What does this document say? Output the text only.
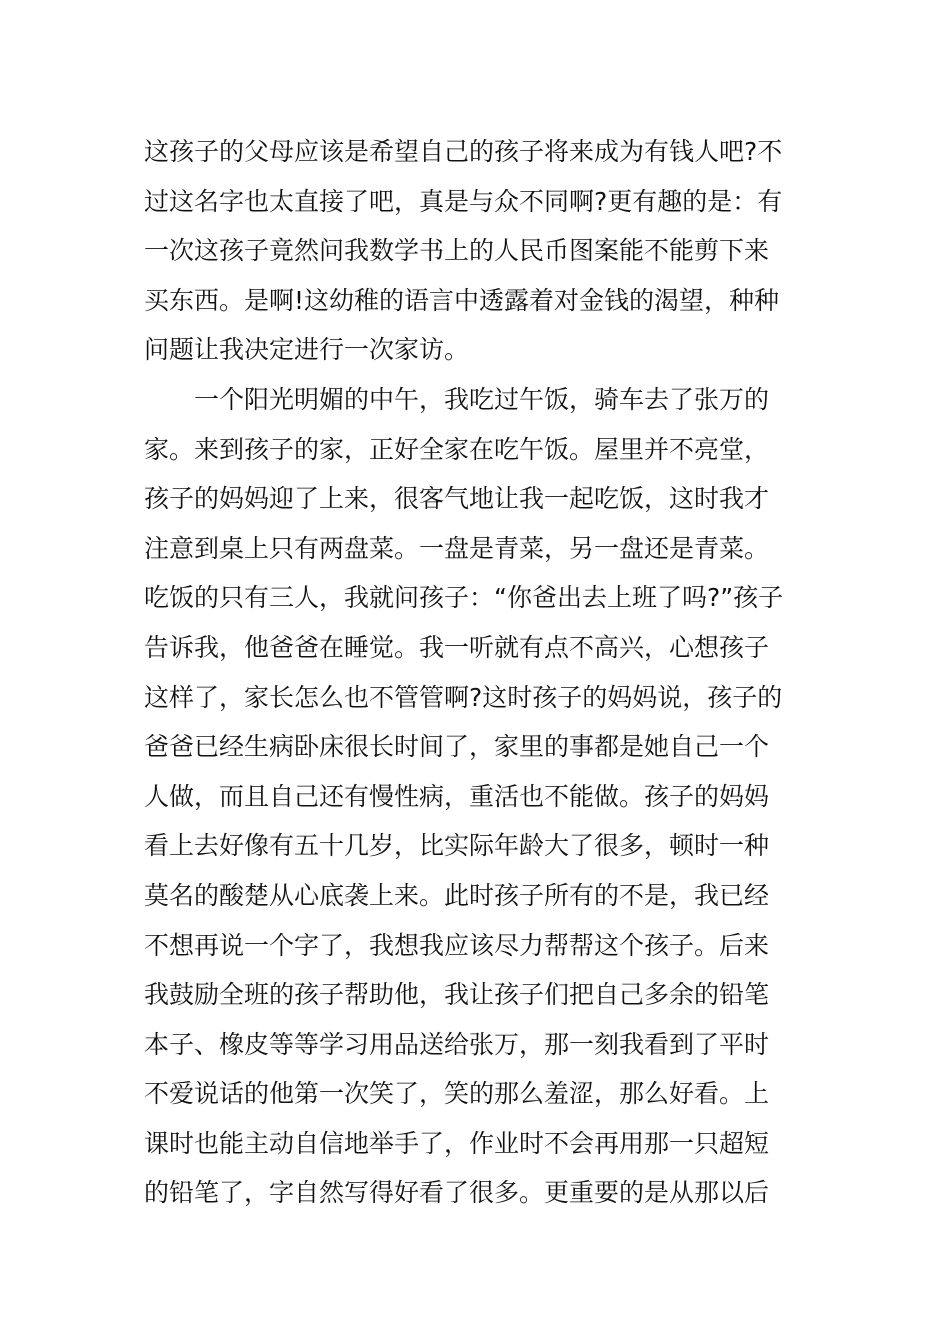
这孩子的父母应该是希望自己的孩子将来成为有钱人吧?不
过这名字也太直接了吧，真是与众不同啊?更有趣的是：有
一次这孩子竟然问我数学书上的人民币图案能不能剪下来
买东西。是啊!这幼稚的语言中透露着对金钱的渴望，种种
问题让我决定进行一次家访。
一个阳光明媚的中午，我吃过午饭，骑车去了张万的
家。来到孩子的家，正好全家在吃午饭。屋里并不亮堂，
孩子的妈妈迎了上来，很客气地让我一起吃饭，这时我才
注意到桌上只有两盘菜。一盘是青菜，另一盘还是青菜。
吃饭的只有三人，我就问孩子：“你爸出去上班了吗?”孩子
告诉我，他爸爸在睡觉。我一听就有点不高兴，心想孩子
这样了，家长怎么也不管管啊?这时孩子的妈妈说，孩子的
爸爸已经生病卧床很长时间了，家里的事都是她自己一个
人做，而且自己还有慢性病，重活也不能做。孩子的妈妈
看上去好像有五十几岁，比实际年龄大了很多，顿时一种
莫名的酸楚从心底袭上来。此时孩子所有的不是，我已经
不想再说一个字了，我想我应该尽力帮帮这个孩子。后来
我鼓励全班的孩子帮助他，我让孩子们把自己多余的铅笔
本子、橡皮等等学习用品送给张万，那一刻我看到了平时
不爱说话的他第一次笑了，笑的那么羞涩，那么好看。上
课时也能主动自信地举手了，作业时不会再用那一只超短
的铅笔了，字自然写得好看了很多。更重要的是从那以后
